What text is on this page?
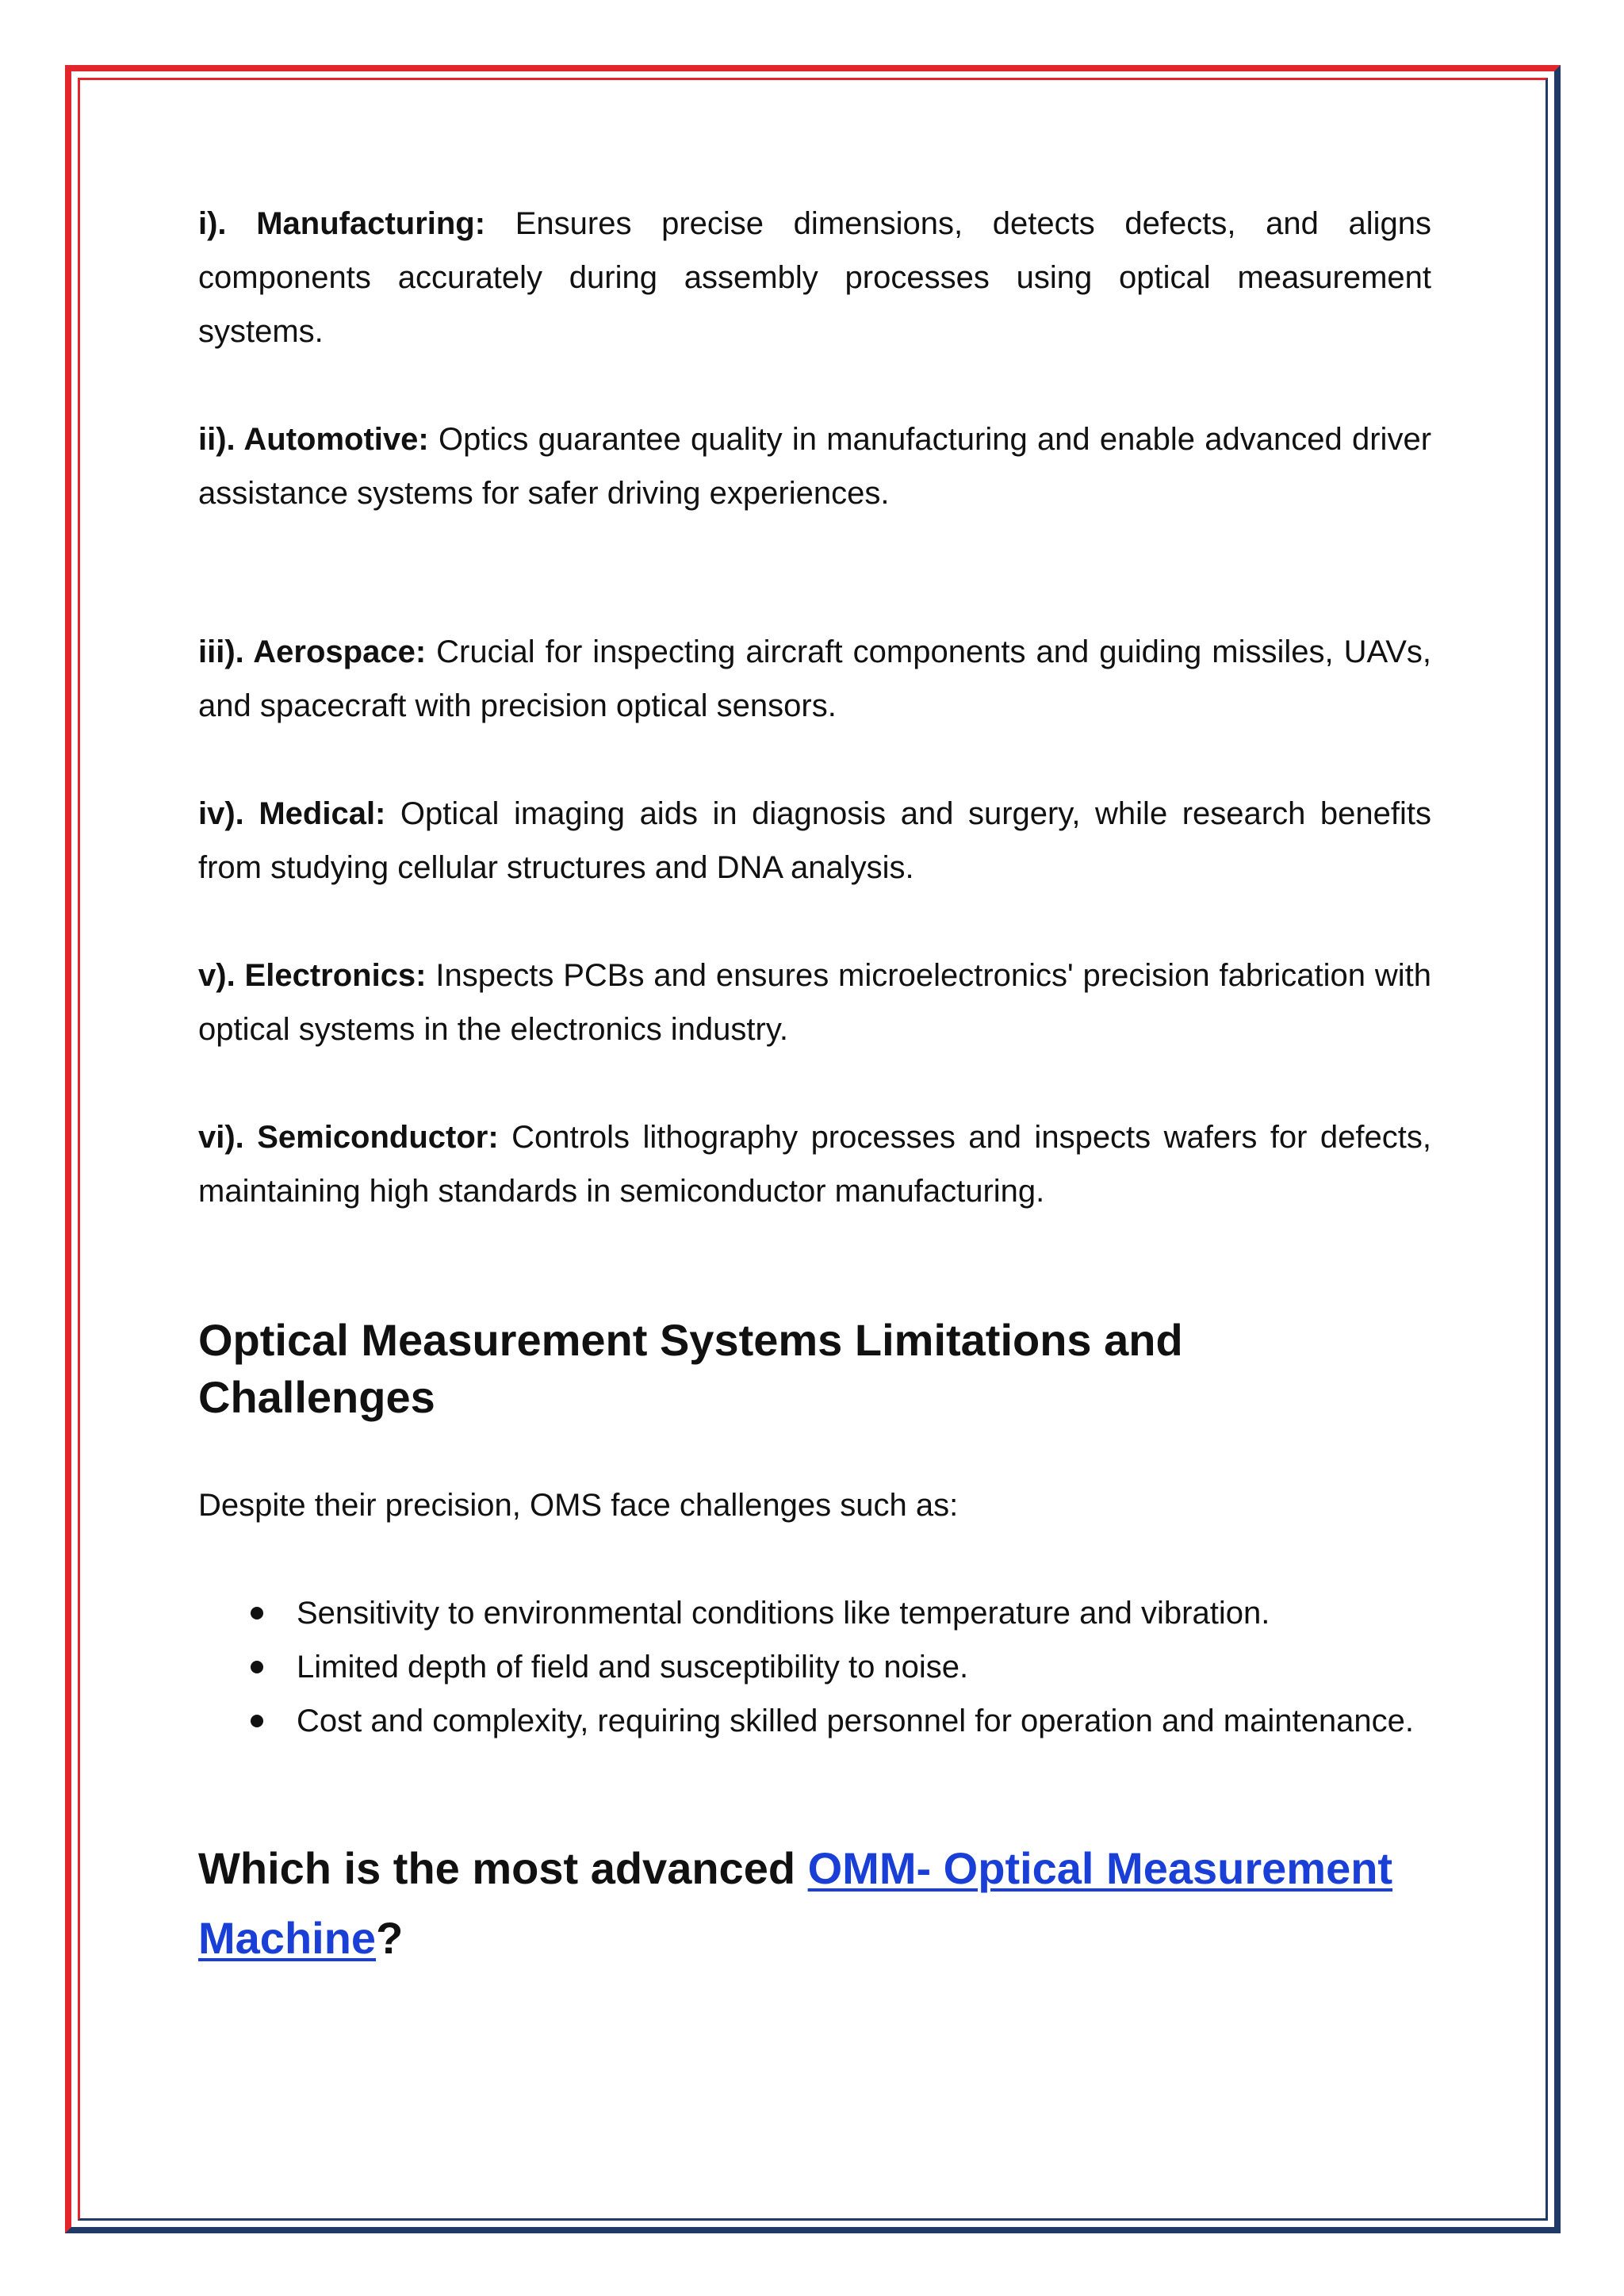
i). Manufacturing: Ensures precise dimensions, detects defects, and aligns components accurately during assembly processes using optical measurement systems.

ii). Automotive: Optics guarantee quality in manufacturing and enable advanced driver assistance systems for safer driving experiences.

iii). Aerospace: Crucial for inspecting aircraft components and guiding missiles, UAVs, and spacecraft with precision optical sensors.

iv). Medical: Optical imaging aids in diagnosis and surgery, while research benefits from studying cellular structures and DNA analysis.

v). Electronics: Inspects PCBs and ensures microelectronics' precision fabrication with optical systems in the electronics industry.

vi). Semiconductor: Controls lithography processes and inspects wafers for defects, maintaining high standards in semiconductor manufacturing.

Optical Measurement Systems Limitations and Challenges

Despite their precision, OMS face challenges such as:

Sensitivity to environmental conditions like temperature and vibration.
Limited depth of field and susceptibility to noise.
Cost and complexity, requiring skilled personnel for operation and maintenance.

Which is the most advanced OMM- Optical Measurement Machine?
